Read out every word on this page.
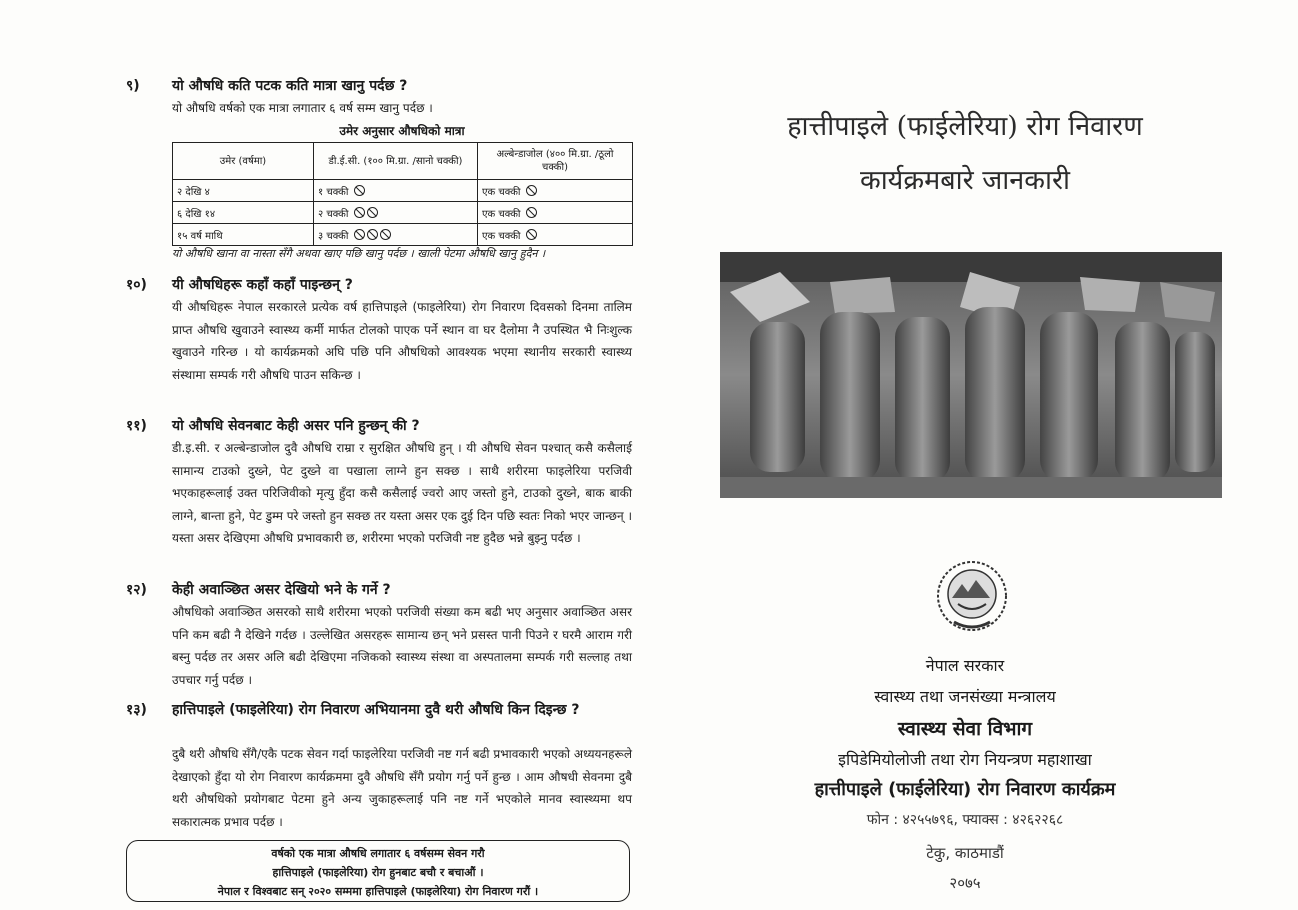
९) यो औषधि कति पटक कति मात्रा खानु पर्दछ ?
यो औषधि वर्षको एक मात्रा लगातार ६ वर्ष सम्म खानु पर्दछ ।
उमेर अनुसार औषधिको मात्रा
उमेर (वर्षमा)	डी.ई.सी. (१०० मि.ग्रा. /सानो चक्की)	अल्बेन्डाजोल (४०० मि.ग्रा. /ठूलो चक्की)
२ देखि ४	१ चक्की	एक चक्की
६ देखि १४	२ चक्की	एक चक्की
१५ वर्ष माथि	३ चक्की	एक चक्की
यो औषधि खाना वा नास्ता सँगै अथवा खाए पछि खानु पर्दछ । खाली पेटमा औषधि खानु हुदैन ।
१०) यी औषधिहरू कहाँ कहाँ पाइन्छन् ?
यी औषधिहरू नेपाल सरकारले प्रत्येक वर्ष हात्तिपाइले (फाइलेरिया) रोग निवारण दिवसको दिनमा तालिम प्राप्त औषधि खुवाउने स्वास्थ्य कर्मी मार्फत टोलको पाएक पर्ने स्थान वा घर दैलोमा नै उपस्थित भै निःशुल्क खुवाउने गरिन्छ । यो कार्यक्रमको अघि पछि पनि औषधिको आवश्यक भएमा स्थानीय सरकारी स्वास्थ्य संस्थामा सम्पर्क गरी औषधि पाउन सकिन्छ ।
११) यो औषधि सेवनबाट केही असर पनि हुन्छन् की ?
डी.इ.सी. र अल्बेन्डाजोल दुवै औषधि राम्रा र सुरक्षित औषधि हुन् । यी औषधि सेवन पश्चात् कसै कसैलाई सामान्य टाउको दुख्ने, पेट दुख्ने वा पखाला लाग्ने हुन सक्छ । साथै शरीरमा फाइलेरिया परजिवी भएकाहरूलाई उक्त परिजिवीको मृत्यु हुँदा कसै कसैलाई ज्वरो आए जस्तो हुने, टाउको दुख्ने, बाक बाकी लाग्ने, बान्ता हुने, पेट डुम्म परे जस्तो हुन सक्छ तर यस्ता असर एक दुई दिन पछि स्वतः निको भएर जान्छन् । यस्ता असर देखिएमा औषधि प्रभावकारी छ, शरीरमा भएको परजिवी नष्ट हुदैछ भन्ने बुझ्नु पर्दछ ।
१२) केही अवाञ्छित असर देखियो भने के गर्ने ?
औषधिको अवाञ्छित असरको साथै शरीरमा भएको परजिवी संख्या कम बढी भए अनुसार अवाञ्छित असर पनि कम बढी नै देखिने गर्दछ । उल्लेखित असरहरू सामान्य छन् भने प्रसस्त पानी पिउने र घरमै आराम गरी बस्नु पर्दछ तर असर अलि बढी देखिएमा नजिकको स्वास्थ्य संस्था वा अस्पतालमा सम्पर्क गरी सल्लाह तथा उपचार गर्नु पर्दछ ।
१३) हात्तिपाइले (फाइलेरिया) रोग निवारण अभियानमा दुवै थरी औषधि किन दिइन्छ ?
दुबै थरी औषधि सँगै/एकै पटक सेवन गर्दा फाइलेरिया परजिवी नष्ट गर्न बढी प्रभावकारी भएको अध्ययनहरूले देखाएको हुँदा यो रोग निवारण कार्यक्रममा दुवै औषधि सँगै प्रयोग गर्नु पर्ने हुन्छ । आम औषधी सेवनमा दुबै थरी औषधिको प्रयोगबाट पेटमा हुने अन्य जुकाहरूलाई पनि नष्ट गर्ने भएकोले मानव स्वास्थ्यमा थप सकारात्मक प्रभाव पर्दछ ।
वर्षको एक मात्रा औषधि लगातार ६ वर्षसम्म सेवन गरौ
हात्तिपाइले (फाइलेरिया) रोग हुनबाट बचौ र बचाऔं ।
नेपाल र विश्वबाट सन् २०२० सम्ममा हात्तिपाइले (फाइलेरिया) रोग निवारण गरौं ।
हात्तीपाइले (फाईलेरिया) रोग निवारण
कार्यक्रमबारे जानकारी
नेपाल सरकार
स्वास्थ्य तथा जनसंख्या मन्त्रालय
स्वास्थ्य सेवा विभाग
इपिडेमियोलोजी तथा रोग नियन्त्रण महाशाखा
हात्तीपाइले (फाईलेरिया) रोग निवारण कार्यक्रम
फोन : ४२५५७९६, फ्याक्स : ४२६२२६८
टेकु, काठमाडौं
२०७५
